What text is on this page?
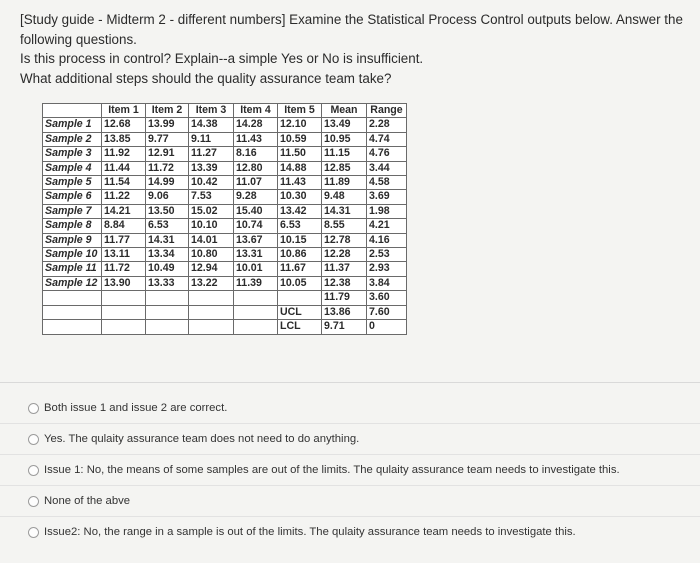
[Study guide - Midterm 2 - different numbers] Examine the Statistical Process Control outputs below. Answer the

following questions.

Is this process in control? Explain--a simple Yes or No is insufficient.

What additional steps should the quality assurance team take?

	Item 1	Item 2	Item 3	Item 4	Item 5	Mean	Range
Sample 1	12.68	13.99	14.38	14.28	12.10	13.49	2.28
Sample 2	13.85	9.77	9.11	11.43	10.59	10.95	4.74
Sample 3	11.92	12.91	11.27	8.16	11.50	11.15	4.76
Sample 4	11.44	11.72	13.39	12.80	14.88	12.85	3.44
Sample 5	11.54	14.99	10.42	11.07	11.43	11.89	4.58
Sample 6	11.22	9.06	7.53	9.28	10.30	9.48	3.69
Sample 7	14.21	13.50	15.02	15.40	13.42	14.31	1.98
Sample 8	8.84	6.53	10.10	10.74	6.53	8.55	4.21
Sample 9	11.77	14.31	14.01	13.67	10.15	12.78	4.16
Sample 10	13.11	13.34	10.80	13.31	10.86	12.28	2.53
Sample 11	11.72	10.49	12.94	10.01	11.67	11.37	2.93
Sample 12	13.90	13.33	13.22	11.39	10.05	12.38	3.84
						11.79	3.60
					UCL	13.86	7.60
					LCL	9.71	0
Both issue 1 and issue 2 are correct.
Yes. The qulaity assurance team does not need to do anything.
Issue 1: No, the means of some samples are out of the limits. The qulaity assurance team needs to investigate this.
None of the abve
Issue2: No, the range in a sample is out of the limits. The qulaity assurance team needs to investigate this.
